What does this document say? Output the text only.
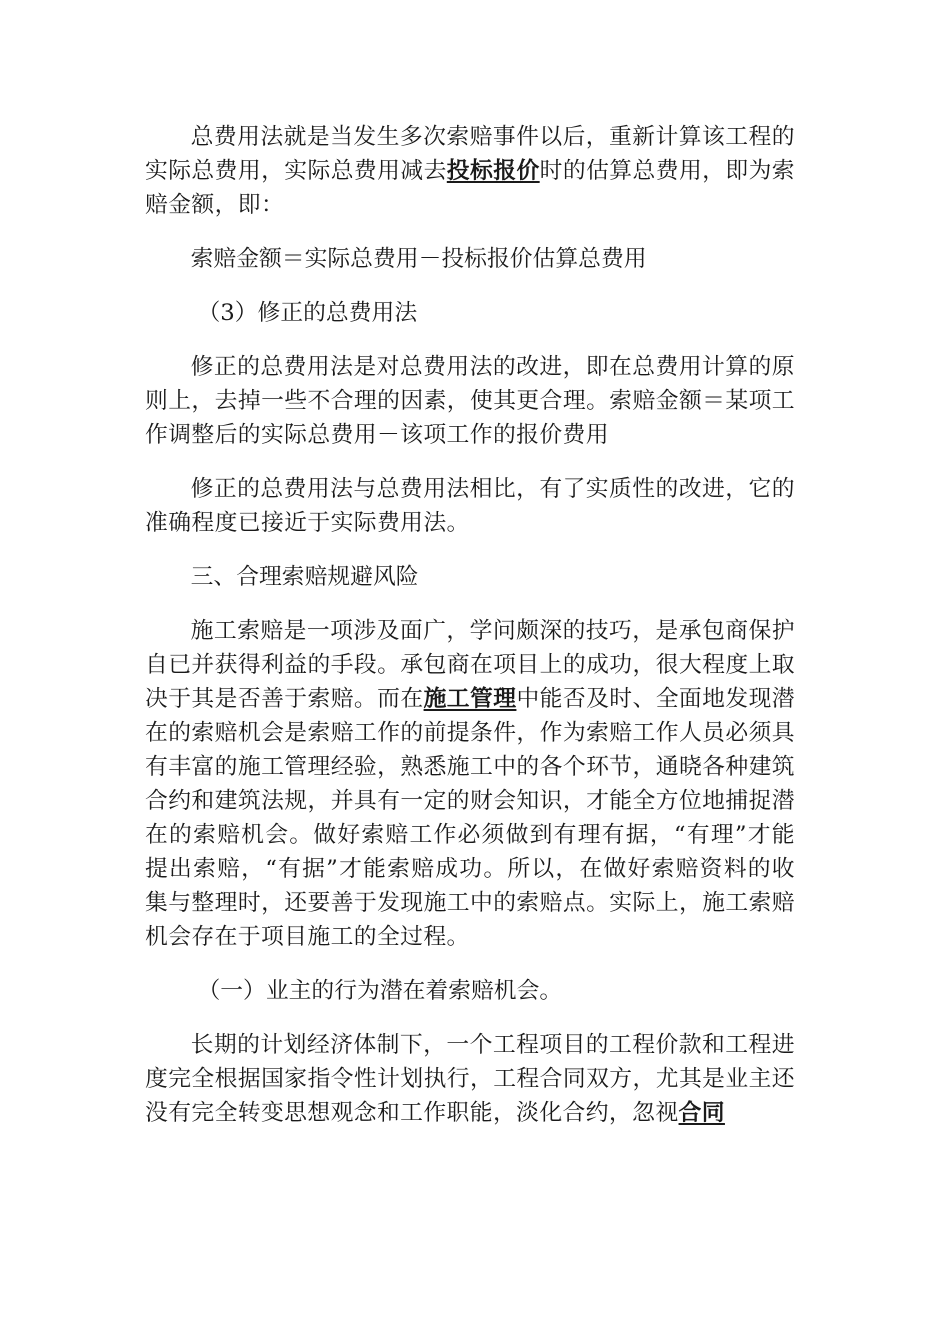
总费用法就是当发生多次索赔事件以后，重新计算该工程的实际总费用，实际总费用减去投标报价时的估算总费用，即为索赔金额，即：

索赔金额＝实际总费用－投标报价估算总费用

（3）修正的总费用法

修正的总费用法是对总费用法的改进，即在总费用计算的原则上，去掉一些不合理的因素，使其更合理。索赔金额＝某项工作调整后的实际总费用－该项工作的报价费用

修正的总费用法与总费用法相比，有了实质性的改进，它的准确程度已接近于实际费用法。

三、合理索赔规避风险

施工索赔是一项涉及面广，学问颇深的技巧，是承包商保护自已并获得利益的手段。承包商在项目上的成功，很大程度上取决于其是否善于索赔。而在施工管理中能否及时、全面地发现潜在的索赔机会是索赔工作的前提条件，作为索赔工作人员必须具有丰富的施工管理经验，熟悉施工中的各个环节，通晓各种建筑合约和建筑法规，并具有一定的财会知识，才能全方位地捕捉潜在的索赔机会。做好索赔工作必须做到有理有据，“有理”才能提出索赔，“有据”才能索赔成功。所以，在做好索赔资料的收集与整理时，还要善于发现施工中的索赔点。实际上，施工索赔机会存在于项目施工的全过程。

（一）业主的行为潜在着索赔机会。

长期的计划经济体制下，一个工程项目的工程价款和工程进度完全根据国家指令性计划执行，工程合同双方，尤其是业主还没有完全转变思想观念和工作职能，淡化合约，忽视合同
